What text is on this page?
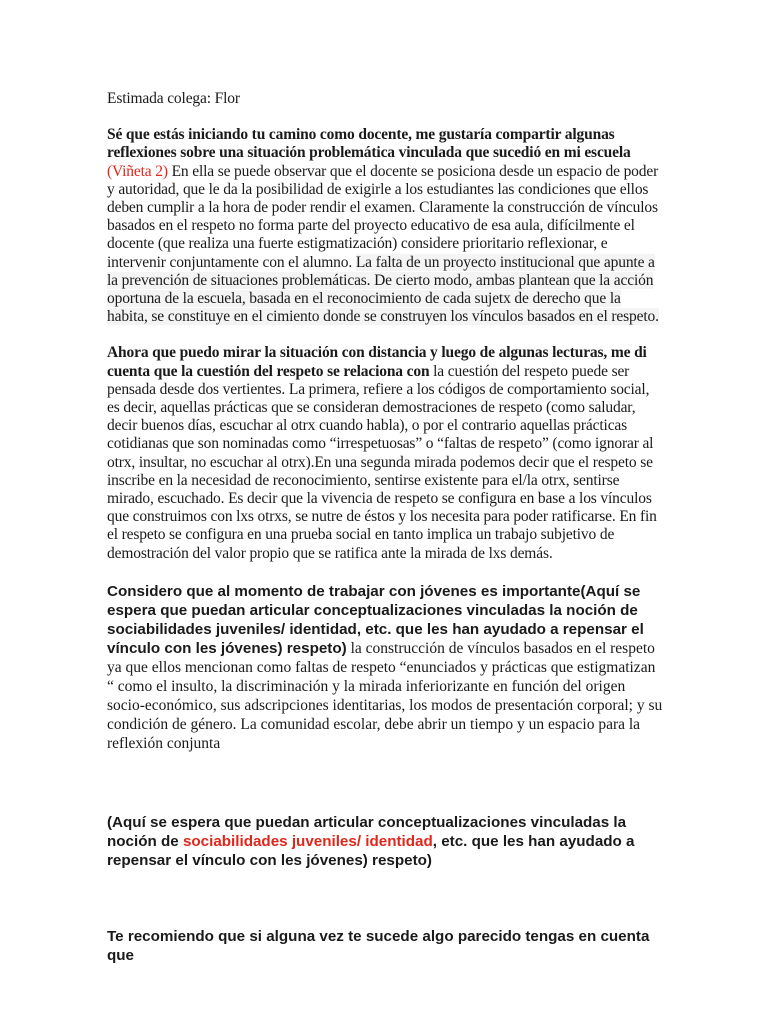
Estimada colega: Flor

Sé que estás iniciando tu camino como docente, me gustaría compartir algunas reflexiones sobre una situación problemática vinculada que sucedió en mi escuela
(Viñeta 2) En ella se puede observar que el docente se posiciona desde un espacio de poder y autoridad, que le da la posibilidad de exigirle a los estudiantes las condiciones que ellos deben cumplir a la hora de poder rendir el examen. Claramente la construcción de vínculos basados en el respeto no forma parte del proyecto educativo de esa aula, difícilmente el docente (que realiza una fuerte estigmatización) considere prioritario reflexionar, e intervenir conjuntamente con el alumno. La falta de un proyecto institucional que apunte a la prevención de situaciones problemáticas. De cierto modo, ambas plantean que la acción oportuna de la escuela, basada en el reconocimiento de cada sujetx de derecho que la habita, se constituye en el cimiento donde se construyen los vínculos basados en el respeto.

Ahora que puedo mirar la situación con distancia y luego de algunas lecturas, me di cuenta que la cuestión del respeto se relaciona con la cuestión del respeto puede ser pensada desde dos vertientes. La primera, refiere a los códigos de comportamiento social, es decir, aquellas prácticas que se consideran demostraciones de respeto (como saludar, decir buenos días, escuchar al otrx cuando habla), o por el contrario aquellas prácticas cotidianas que son nominadas como “irrespetuosas” o “faltas de respeto” (como ignorar al otrx, insultar, no escuchar al otrx).En una segunda mirada podemos decir que el respeto se inscribe en la necesidad de reconocimiento, sentirse existente para el/la otrx, sentirse mirado, escuchado. Es decir que la vivencia de respeto se configura en base a los vínculos que construimos con lxs otrxs, se nutre de éstos y los necesita para poder ratificarse. En fin el respeto se configura en una prueba social en tanto implica un trabajo subjetivo de demostración del valor propio que se ratifica ante la mirada de lxs demás.

Considero que al momento de trabajar con jóvenes es importante(Aquí se espera que puedan articular conceptualizaciones vinculadas la noción de sociabilidades juveniles/ identidad, etc. que les han ayudado a repensar el vínculo con les jóvenes) respeto) la construcción de vínculos basados en el respeto ya que ellos mencionan como faltas de respeto “enunciados y prácticas que estigmatizan “ como el insulto, la discriminación y la mirada inferiorizante en función del origen socio-económico, sus adscripciones identitarias, los modos de presentación corporal; y su condición de género. La comunidad escolar, debe abrir un tiempo y un espacio para la reflexión conjunta

(Aquí se espera que puedan articular conceptualizaciones vinculadas la noción de sociabilidades juveniles/ identidad, etc. que les han ayudado a repensar el vínculo con les jóvenes) respeto)

Te recomiendo que si alguna vez te sucede algo parecido tengas en cuenta que
